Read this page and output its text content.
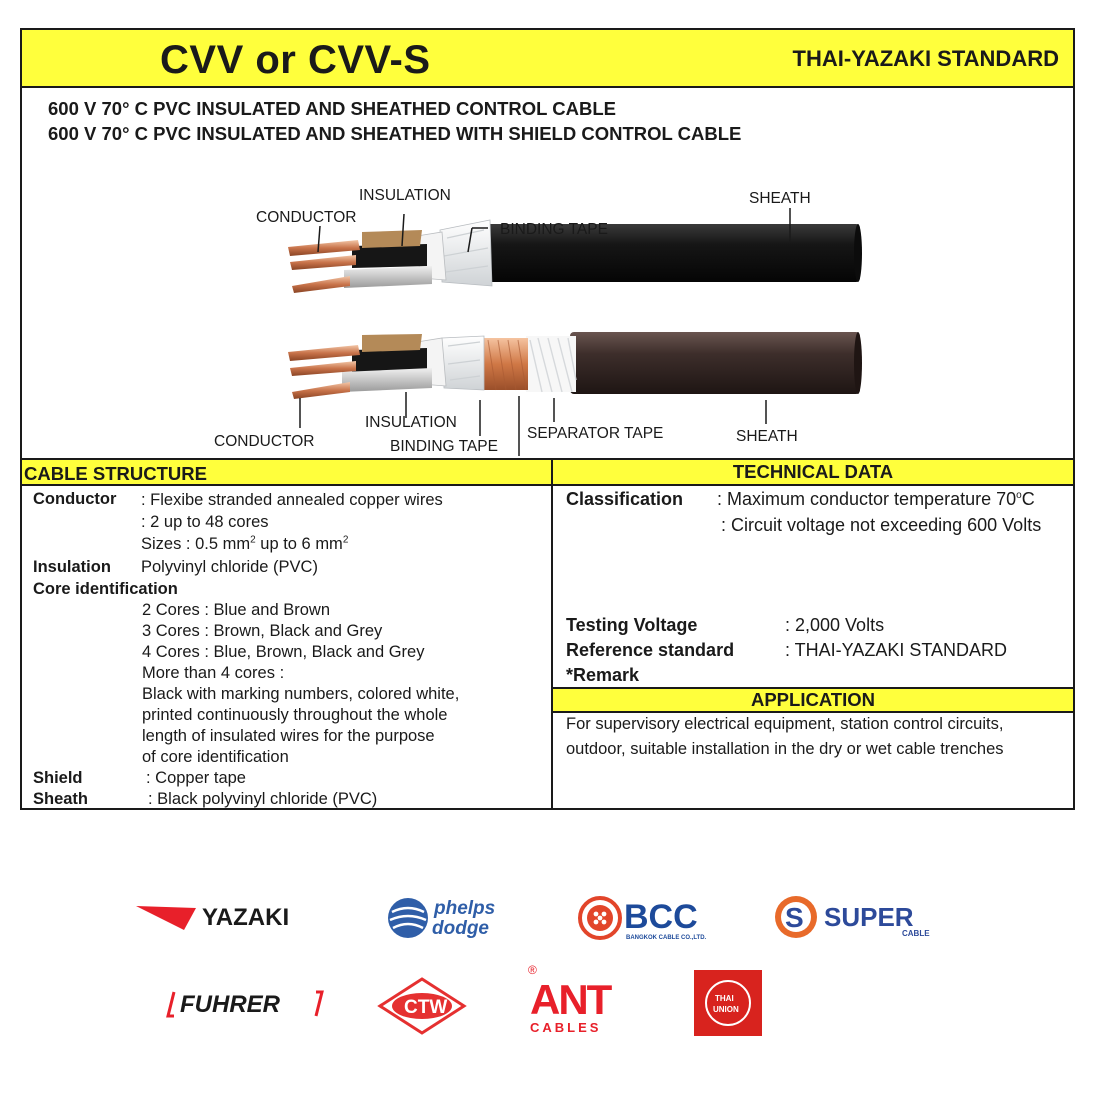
CVV or CVV-S	THAI-YAZAKI STANDARD
600 V 70° C PVC INSULATED AND SHEATHED CONTROL CABLE
600 V 70° C PVC INSULATED AND SHEATHED WITH SHIELD CONTROL CABLE
CONDUCTOR
INSULATION
BINDING TAPE
SHEATH
CONDUCTOR
INSULATION
BINDING TAPE
SEPARATOR TAPE	SHEATH
CABLE STRUCTURE
Conductor : Flexibe stranded annealed copper wires
: 2 up to 48 cores
Sizes : 0.5 $mm^2$ up to 6 $mm^2$
Insulation Polyvinyl chloride (PVC)
Core identification
2 Cores : Blue and Brown
3 Cores : Brown, Black and Grey
4 Cores : Blue, Brown, Black and Grey
More than 4 cores :
Black with marking numbers, colored white,
printed continuously throughout the whole
length of insulated wires for the purpose
of core identification
Shield	: Copper tape
Sheath	: Black polyvinyl chloride (PVC)
TECHNICAL DATA
Classification : Maximum conductor temperature 70$^o$C
: Circuit voltage not exceeding 600 Volts
Testing Voltage	: 2,000 Volts
Reference standard	: THAI-YAZAKI STANDARD
*Remark
APPLICATION
For supervisory electrical equipment, station control circuits,
outdoor, suitable installation in the dry or wet cable trenches
YAZAKI	phelps
dodge	BCC
BANGKOK CABLE CO.,LTD.
S SUPER
CABLE
FUHRER	CTW
®
ANT
CABLES
THAI
UNION
